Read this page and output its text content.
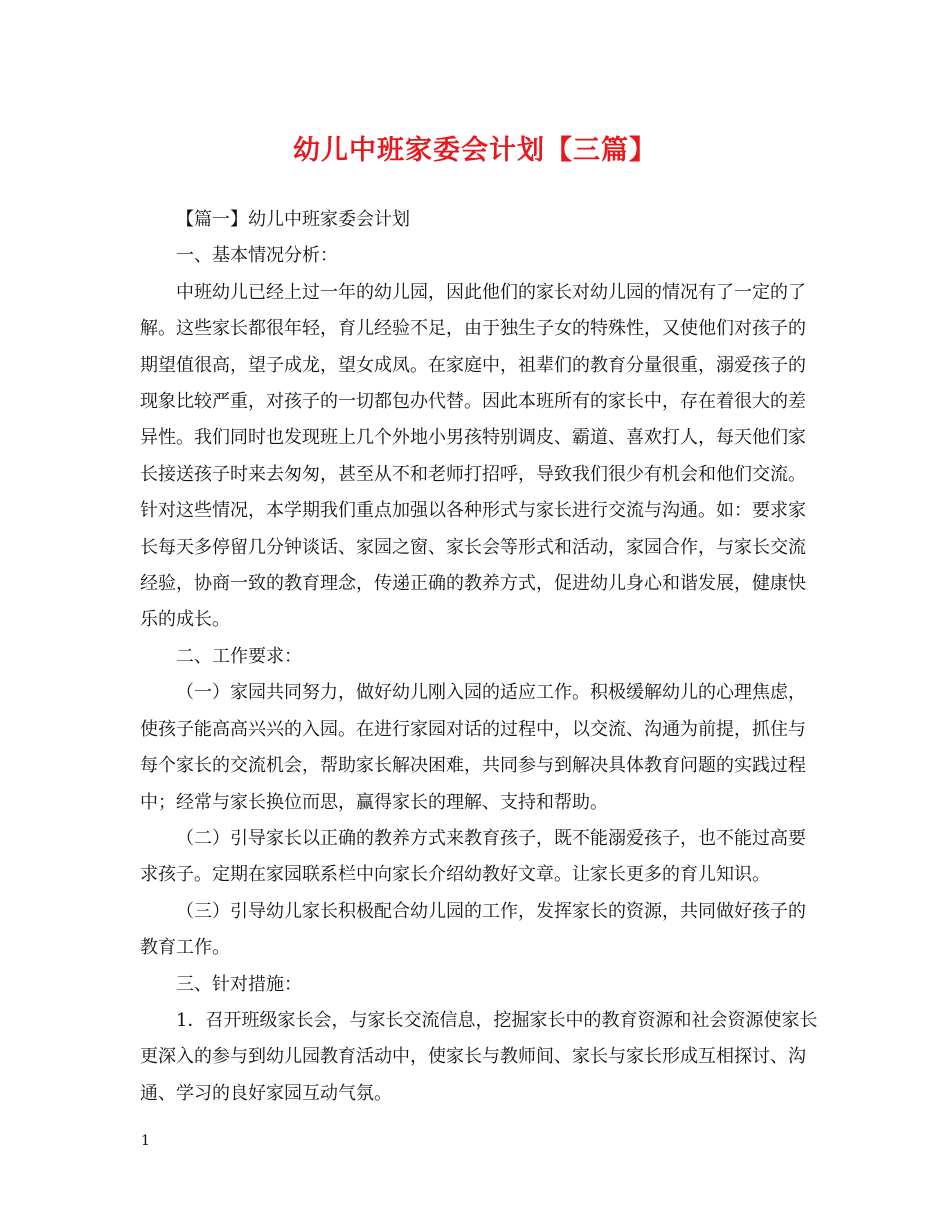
幼儿中班家委会计划【三篇】

【篇一】幼儿中班家委会计划

一、基本情况分析：

中班幼儿已经上过一年的幼儿园，因此他们的家长对幼儿园的情况有了一定的了解。这些家长都很年轻，育儿经验不足，由于独生子女的特殊性，又使他们对孩子的期望值很高，望子成龙，望女成凤。在家庭中，祖辈们的教育分量很重，溺爱孩子的现象比较严重，对孩子的一切都包办代替。因此本班所有的家长中，存在着很大的差异性。我们同时也发现班上几个外地小男孩特别调皮、霸道、喜欢打人，每天他们家长接送孩子时来去匆匆，甚至从不和老师打招呼，导致我们很少有机会和他们交流。针对这些情况，本学期我们重点加强以各种形式与家长进行交流与沟通。如：要求家长每天多停留几分钟谈话、家园之窗、家长会等形式和活动，家园合作，与家长交流经验，协商一致的教育理念，传递正确的教养方式，促进幼儿身心和谐发展，健康快乐的成长。

二、工作要求：

（一）家园共同努力，做好幼儿刚入园的适应工作。积极缓解幼儿的心理焦虑，使孩子能高高兴兴的入园。在进行家园对话的过程中，以交流、沟通为前提，抓住与每个家长的交流机会，帮助家长解决困难，共同参与到解决具体教育问题的实践过程中；经常与家长换位而思，赢得家长的理解、支持和帮助。

（二）引导家长以正确的教养方式来教育孩子，既不能溺爱孩子，也不能过高要求孩子。定期在家园联系栏中向家长介绍幼教好文章。让家长更多的育儿知识。

（三）引导幼儿家长积极配合幼儿园的工作，发挥家长的资源，共同做好孩子的教育工作。

三、针对措施：

1．召开班级家长会，与家长交流信息，挖掘家长中的教育资源和社会资源使家长更深入的参与到幼儿园教育活动中，使家长与教师间、家长与家长形成互相探讨、沟通、学习的良好家园互动气氛。

1
